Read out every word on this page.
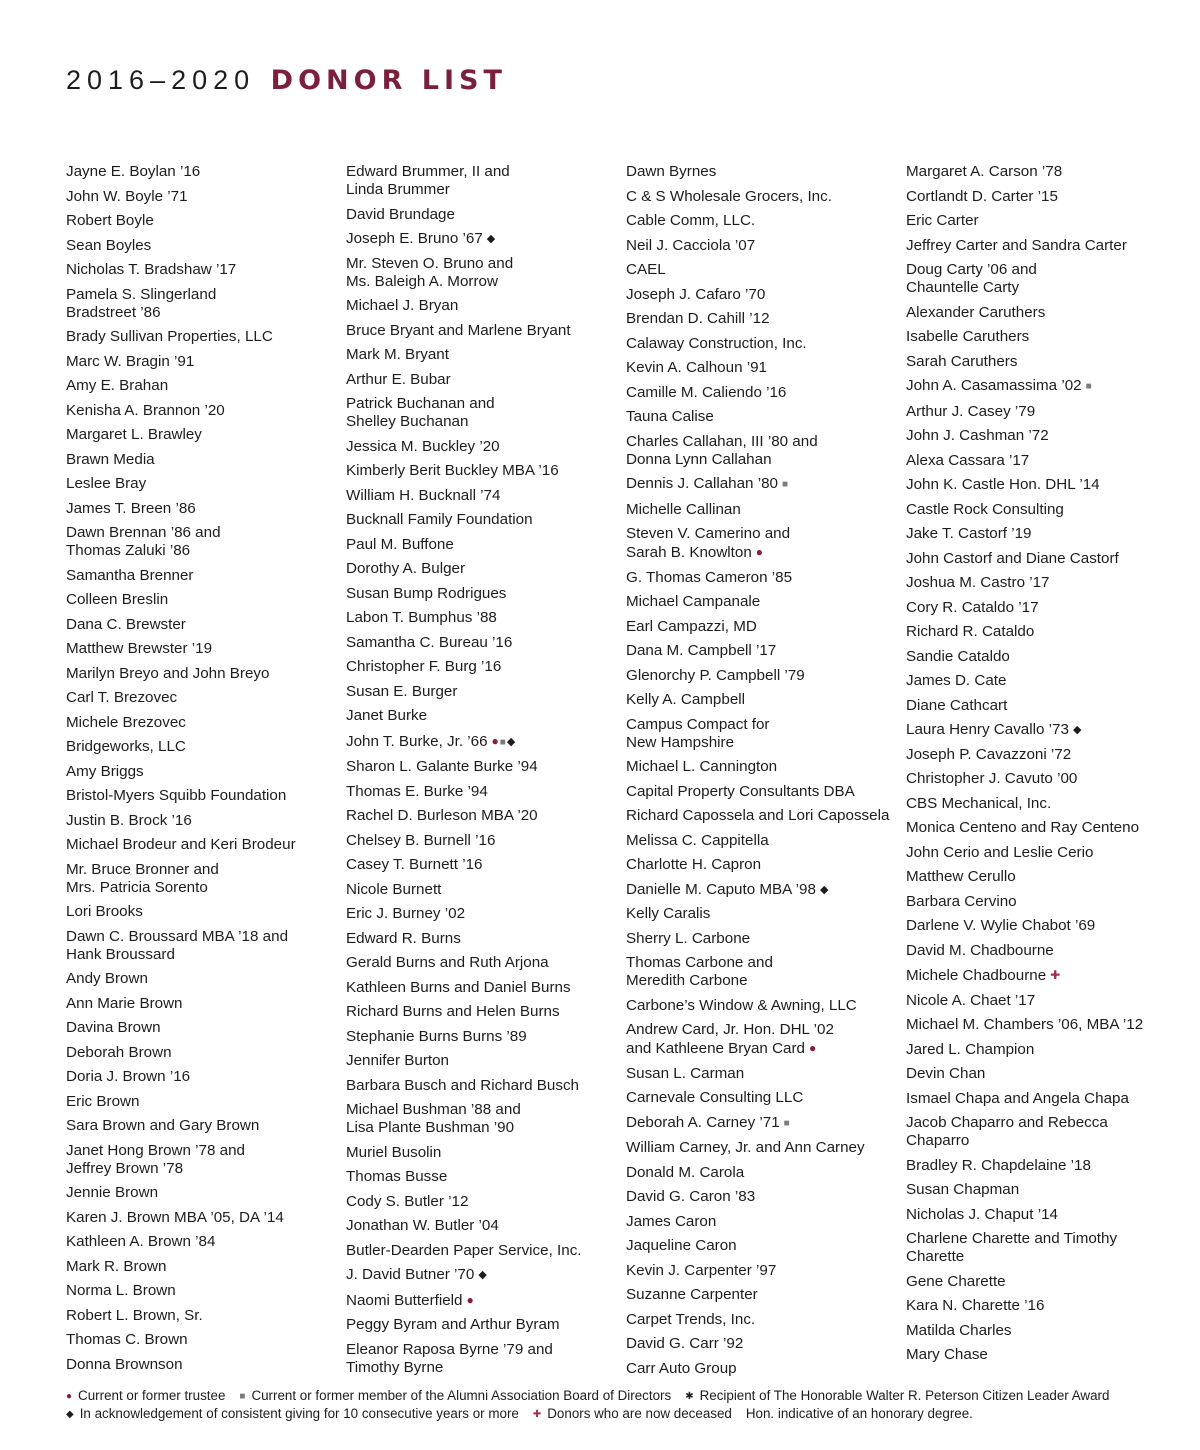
2016–2020 DONOR LIST
Jayne E. Boylan ’16
John W. Boyle ’71
Robert Boyle
Sean Boyles
Nicholas T. Bradshaw ’17
Pamela S. Slingerland
Bradstreet ’86
Brady Sullivan Properties, LLC
Marc W. Bragin ’91
Amy E. Brahan
Kenisha A. Brannon ’20
Margaret L. Brawley
Brawn Media
Leslee Bray
James T. Breen ’86
Dawn Brennan ’86 and
Thomas Zaluki ’86
Samantha Brenner
Colleen Breslin
Dana C. Brewster
Matthew Brewster ’19
Marilyn Breyo and John Breyo
Carl T. Brezovec
Michele Brezovec
Bridgeworks, LLC
Amy Briggs
Bristol-Myers Squibb Foundation
Justin B. Brock ’16
Michael Brodeur and Keri Brodeur
Mr. Bruce Bronner and
Mrs. Patricia Sorento
Lori Brooks
Dawn C. Broussard MBA ’18 and
Hank Broussard
Andy Brown
Ann Marie Brown
Davina Brown
Deborah Brown
Doria J. Brown ’16
Eric Brown
Sara Brown and Gary Brown
Janet Hong Brown ’78 and
Jeffrey Brown ’78
Jennie Brown
Karen J. Brown MBA ’05, DA ’14
Kathleen A. Brown ’84
Mark R. Brown
Norma L. Brown
Robert L. Brown, Sr.
Thomas C. Brown
Donna Brownson
Edward Brummer, II and
Linda Brummer
David Brundage
Joseph E. Bruno ’67 ◆
Mr. Steven O. Bruno and
Ms. Baleigh A. Morrow
Michael J. Bryan
Bruce Bryant and Marlene Bryant
Mark M. Bryant
Arthur E. Bubar
Patrick Buchanan and
Shelley Buchanan
Jessica M. Buckley ’20
Kimberly Berit Buckley MBA ’16
William H. Bucknall ’74
Bucknall Family Foundation
Paul M. Buffone
Dorothy A. Bulger
Susan Bump Rodrigues
Labon T. Bumphus ’88
Samantha C. Bureau ’16
Christopher F. Burg ’16
Susan E. Burger
Janet Burke
John T. Burke, Jr. ’66 ●■◆
Sharon L. Galante Burke ’94
Thomas E. Burke ’94
Rachel D. Burleson MBA ’20
Chelsey B. Burnell ’16
Casey T. Burnett ’16
Nicole Burnett
Eric J. Burney ’02
Edward R. Burns
Gerald Burns and Ruth Arjona
Kathleen Burns and Daniel Burns
Richard Burns and Helen Burns
Stephanie Burns Burns ’89
Jennifer Burton
Barbara Busch and Richard Busch
Michael Bushman ’88 and
Lisa Plante Bushman ’90
Muriel Busolin
Thomas Busse
Cody S. Butler ’12
Jonathan W. Butler ’04
Butler-Dearden Paper Service, Inc.
J. David Butner ’70 ◆
Naomi Butterfield ●
Peggy Byram and Arthur Byram
Eleanor Raposa Byrne ’79 and
Timothy Byrne
Dawn Byrnes
C & S Wholesale Grocers, Inc.
Cable Comm, LLC.
Neil J. Cacciola ’07
CAEL
Joseph J. Cafaro ’70
Brendan D. Cahill ’12
Calaway Construction, Inc.
Kevin A. Calhoun ’91
Camille M. Caliendo ’16
Tauna Calise
Charles Callahan, III ’80 and
Donna Lynn Callahan
Dennis J. Callahan ’80 ■
Michelle Callinan
Steven V. Camerino and
Sarah B. Knowlton ●
G. Thomas Cameron ’85
Michael Campanale
Earl Campazzi, MD
Dana M. Campbell ’17
Glenorchy P. Campbell ’79
Kelly A. Campbell
Campus Compact for
New Hampshire
Michael L. Cannington
Capital Property Consultants DBA
Richard Capossela and Lori Capossela
Melissa C. Cappitella
Charlotte H. Capron
Danielle M. Caputo MBA ’98 ◆
Kelly Caralis
Sherry L. Carbone
Thomas Carbone and
Meredith Carbone
Carbone’s Window & Awning, LLC
Andrew Card, Jr. Hon. DHL ’02
and Kathleene Bryan Card ●
Susan L. Carman
Carnevale Consulting LLC
Deborah A. Carney ’71 ■
William Carney, Jr. and Ann Carney
Donald M. Carola
David G. Caron ’83
James Caron
Jaqueline Caron
Kevin J. Carpenter ’97
Suzanne Carpenter
Carpet Trends, Inc.
David G. Carr ’92
Carr Auto Group
Margaret A. Carson ’78
Cortlandt D. Carter ’15
Eric Carter
Jeffrey Carter and Sandra Carter
Doug Carty ’06 and
Chauntelle Carty
Alexander Caruthers
Isabelle Caruthers
Sarah Caruthers
John A. Casamassima ’02 ■
Arthur J. Casey ’79
John J. Cashman ’72
Alexa Cassara ’17
John K. Castle Hon. DHL ’14
Castle Rock Consulting
Jake T. Castorf ’19
John Castorf and Diane Castorf
Joshua M. Castro ’17
Cory R. Cataldo ’17
Richard R. Cataldo
Sandie Cataldo
James D. Cate
Diane Cathcart
Laura Henry Cavallo ’73 ◆
Joseph P. Cavazzoni ’72
Christopher J. Cavuto ’00
CBS Mechanical, Inc.
Monica Centeno and Ray Centeno
John Cerio and Leslie Cerio
Matthew Cerullo
Barbara Cervino
Darlene V. Wylie Chabot ’69
David M. Chadbourne
Michele Chadbourne ✚
Nicole A. Chaet ’17
Michael M. Chambers ’06, MBA ’12
Jared L. Champion
Devin Chan
Ismael Chapa and Angela Chapa
Jacob Chaparro and Rebecca
Chaparro
Bradley R. Chapdelaine ’18
Susan Chapman
Nicholas J. Chaput ’14
Charlene Charette and Timothy
Charette
Gene Charette
Kara N. Charette ’16
Matilda Charles
Mary Chase
● Current or former trustee ■ Current or former member of the Alumni Association Board of Directors ✱ Recipient of The Honorable Walter R. Peterson Citizen Leader Award
◆ In acknowledgement of consistent giving for 10 consecutive years or more ✚ Donors who are now deceased Hon. indicative of an honorary degree.
